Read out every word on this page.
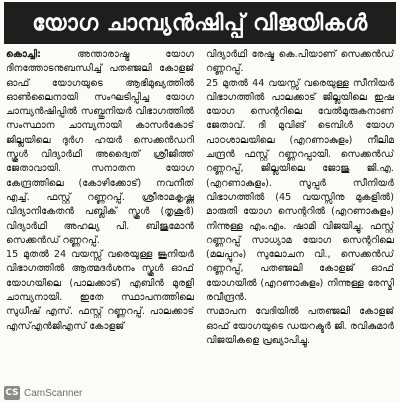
യോഗ ചാമ്പ്യൻഷിപ്പ് വിജയികൾ

കൊച്ചി:	അന്താരാഷ്ട്ര യോഗ ദിനത്തോടനുബന്ധിച്ച് പതഞ്ജലി കോളജ് ഓഫ് യോഗയുടെ ആഭിമുഖ്യത്തിൽ ഓൺലൈനായി സംഘടിപ്പിച്ച യോഗ ചാമ്പ്യൻഷിപ്പിൽ സബ്ജൂനിയർ വിഭാഗത്തിൽ സംസ്ഥാന ചാമ്പ്യനായി കാസർകോട് ജില്ലയിലെ ദുർഗ ഹയർ സെക്കൻഡറി സ്കൂൾ വിദ്യാർഥി അദ്വൈത് ശ്രീജിത്ത് ജേതാവായി. സനാതന യോഗ കേന്ദ്രത്തിലെ (കോഴിക്കോട്) നവനീത് എച്ച്. ഫസ്റ്റ് റണ്ണറപ്പ്. ശ്രീരാമകൃഷ്ണ വിദ്യാനികേതൻ പബ്ലിക് സ്കൂൾ (തൃശൂർ) വിദ്യാർഥി അഹല്യ പി. ബിജുമോൻ സെക്കൻഡ് റണ്ണറപ്പ്.

15 മുതൽ 24 വയസ്സ് വരെയുള്ള ജൂനിയർ വിഭാഗത്തിൽ ആത്മദർശനം സ്കൂൾ ഓഫ് യോഗയിലെ (പാലക്കാട്) എബിൻ മുരളി ചാമ്പ്യനായി. ഇതേ സ്ഥാപനത്തിലെ സുധീഷ് എസ്. ഫസ്റ്റ് റണ്ണറപ്പ്. പാലക്കാട് എസ്എൻജിഎസ് കോളജ്

വിദ്യാർഥി രേഷ്മ കെ.പിയാണ് സെക്കൻഡ് റണ്ണറപ്പ്.

25 മുതൽ 44 വയസ്സ് വരെയുള്ള സീനിയർ വിഭാഗത്തിൽ പാലക്കാട് ജില്ലയിലെ ഇഷ യോഗ സെന്ററിലെ വേൽമുരുകനാണ് ജേതാവ്. ദി മുവിങ് ടെമ്പിൾ യോഗ പാഠശാലയിലെ (എറണാകുളം) നീലിമ ചന്ദ്രൻ ഫസ്റ്റ് റണ്ണറപ്പായി. സെക്കൻഡ് റണ്ണറപ്പ്, ജില്ലയിലെ ജോജു ജി.എ. (എറണാകുളം). സൂപ്പർ സീനിയർ വിഭാഗത്തിൽ (45 വയസ്സിനു മുകളിൽ) മാരുതി യോഗ സെന്ററിൽ (എറണാകുളം) നിന്നുള്ള എം.എം. ഷാമി വിജയിച്ചു. ഫസ്റ്റ് റണ്ണറപ്പ് സാധ്യാമ യോഗ സെന്ററിലെ (മലപ്പുറം) സുലോചന വി., സെക്കൻഡ് റണ്ണറപ്പ്, പതഞ്ജലി കോളജ് ഓഫ് യോഗയിൽ (എറണാകുളം) നിന്നുള്ള രേസ്മി രവീന്ദ്രൻ.

സമാപന വേദിയിൽ പതഞ്ജലി കോളജ് ഓഫ് യോഗയുടെ ഡയറക്ടർ ജി. രവികുമാർ വിജയികളെ പ്രഖ്യാപിച്ചു.

CS CamScanner
